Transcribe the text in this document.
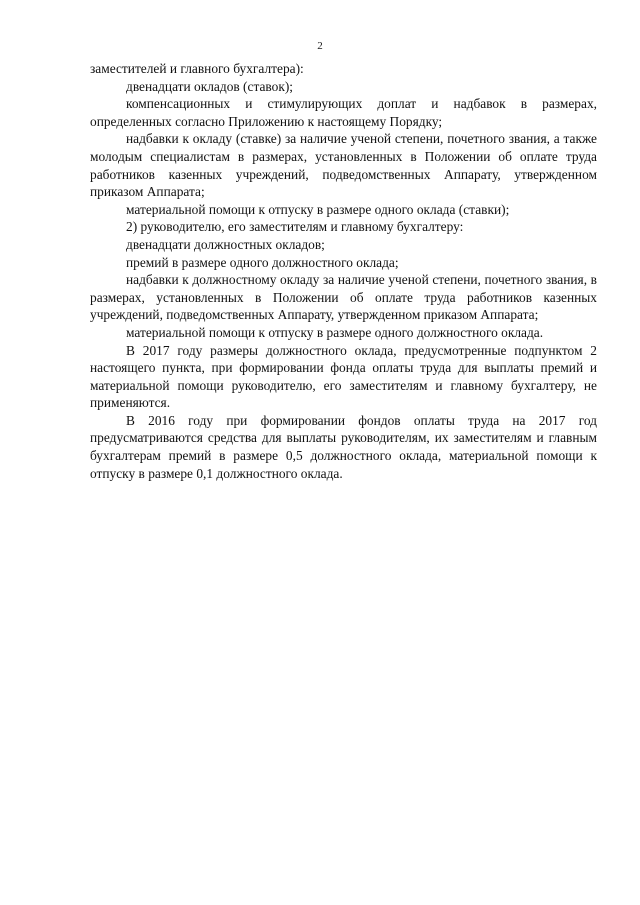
2

заместителей и главного бухгалтера):

двенадцати окладов (ставок);

компенсационных и стимулирующих доплат и надбавок в размерах, определенных согласно Приложению к настоящему Порядку;

надбавки к окладу (ставке) за наличие ученой степени, почетного звания, а также молодым специалистам в размерах, установленных в Положении об оплате труда работников казенных учреждений, подведомственных Аппарату, утвержденном приказом Аппарата;

материальной помощи к отпуску в размере одного оклада (ставки);

2) руководителю, его заместителям и главному бухгалтеру:

двенадцати должностных окладов;

премий в размере одного должностного оклада;

надбавки к должностному окладу за наличие ученой степени, почетного звания, в размерах, установленных в Положении об оплате труда работников казенных учреждений, подведомственных Аппарату, утвержденном приказом Аппарата;

материальной помощи к отпуску в размере одного должностного оклада.

В 2017 году размеры должностного оклада, предусмотренные подпунктом 2 настоящего пункта, при формировании фонда оплаты труда для выплаты премий и материальной помощи руководителю, его заместителям и главному бухгалтеру, не применяются.

В 2016 году при формировании фондов оплаты труда на 2017 год предусматриваются средства для выплаты руководителям, их заместителям и главным бухгалтерам премий в размере 0,5 должностного оклада, материальной помощи к отпуску в размере 0,1 должностного оклада.
